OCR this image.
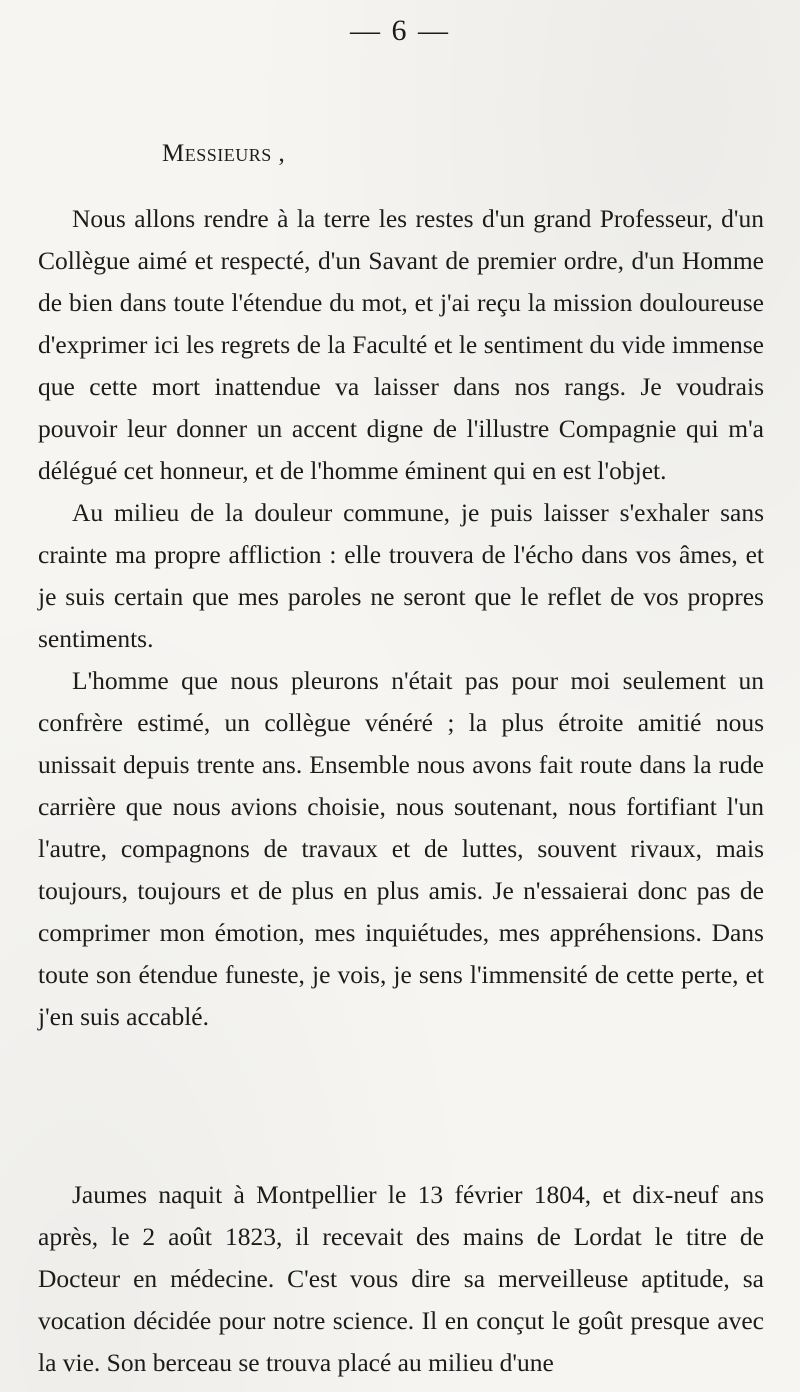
— 6 —
Messieurs ,

Nous allons rendre à la terre les restes d'un grand Professeur, d'un Collègue aimé et respecté, d'un Savant de premier ordre, d'un Homme de bien dans toute l'étendue du mot, et j'ai reçu la mission douloureuse d'exprimer ici les regrets de la Faculté et le sentiment du vide immense que cette mort inattendue va laisser dans nos rangs. Je voudrais pouvoir leur donner un accent digne de l'illustre Compagnie qui m'a délégué cet honneur, et de l'homme éminent qui en est l'objet.

Au milieu de la douleur commune, je puis laisser s'exhaler sans crainte ma propre affliction : elle trouvera de l'écho dans vos âmes, et je suis certain que mes paroles ne seront que le reflet de vos propres sentiments.

L'homme que nous pleurons n'était pas pour moi seulement un confrère estimé, un collègue vénéré ; la plus étroite amitié nous unissait depuis trente ans. Ensemble nous avons fait route dans la rude carrière que nous avions choisie, nous soutenant, nous fortifiant l'un l'autre, compagnons de travaux et de luttes, souvent rivaux, mais toujours, toujours et de plus en plus amis. Je n'essaierai donc pas de comprimer mon émotion, mes inquiétudes, mes appréhensions. Dans toute son étendue funeste, je vois, je sens l'immensité de cette perte, et j'en suis accablé.

Jaumes naquit à Montpellier le 13 février 1804, et dix-neuf ans après, le 2 août 1823, il recevait des mains de Lordat le titre de Docteur en médecine. C'est vous dire sa merveilleuse aptitude, sa vocation décidée pour notre science. Il en conçut le goût presque avec la vie. Son berceau se trouva placé au milieu d'une
